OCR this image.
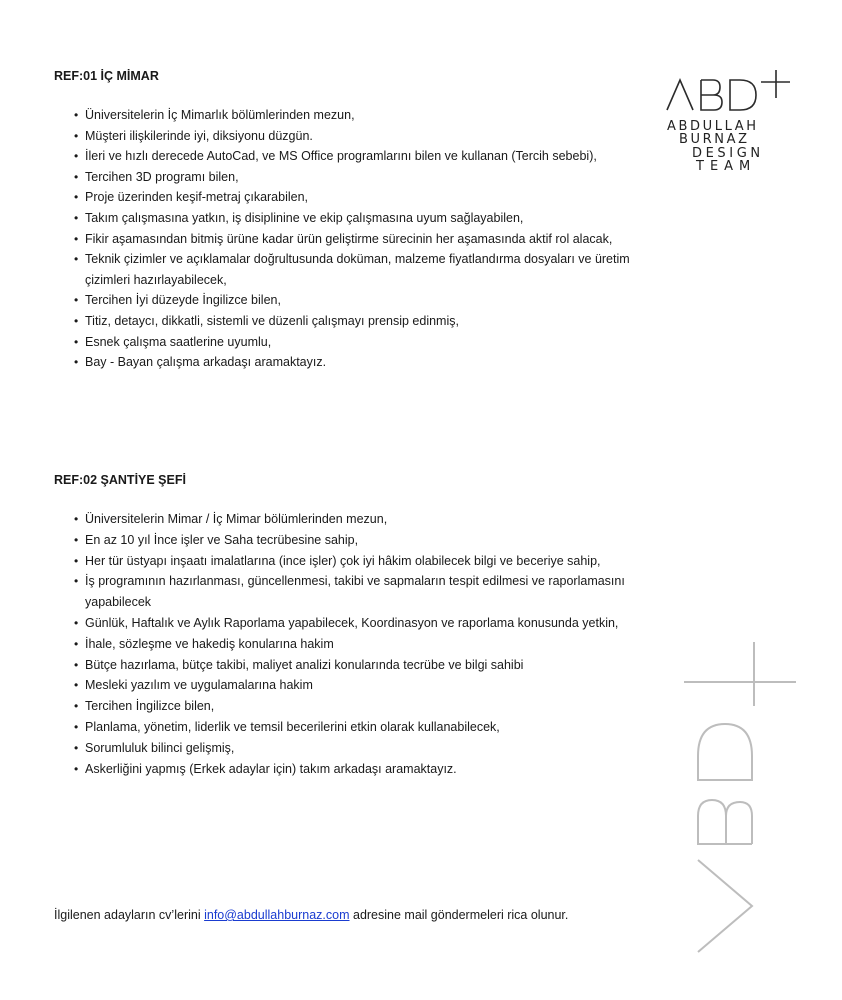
ABDULLAH
BURNAZ
DESIGN
TEAM
REF:01 İÇ MİMAR
• Üniversitelerin İç Mimarlık bölümlerinden mezun,
• Müşteri ilişkilerinde iyi, diksiyonu düzgün.
• İleri ve hızlı derecede AutoCad, ve MS Office programlarını bilen ve kullanan (Tercih sebebi),
• Tercihen 3D programı bilen,
• Proje üzerinden keşif-metraj çıkarabilen,
• Takım çalışmasına yatkın, iş disiplinine ve ekip çalışmasına uyum sağlayabilen,
• Fikir aşamasından bitmiş ürüne kadar ürün geliştirme sürecinin her aşamasında aktif rol alacak,
• Teknik çizimler ve açıklamalar doğrultusunda doküman, malzeme fiyatlandırma dosyaları ve üretim çizimleri hazırlayabilecek,
• Tercihen İyi düzeyde İngilizce bilen,
• Titiz, detaycı, dikkatli, sistemli ve düzenli çalışmayı prensip edinmiş,
• Esnek çalışma saatlerine uyumlu,
• Bay - Bayan çalışma arkadaşı aramaktayız.
REF:02 ŞANTİYE ŞEFİ
• Üniversitelerin Mimar / İç Mimar bölümlerinden mezun,
• En az 10 yıl İnce işler ve Saha tecrübesine sahip,
• Her tür üstyapı inşaatı imalatlarına (ince işler) çok iyi hâkim olabilecek bilgi ve beceriye sahip,
• İş programının hazırlanması, güncellenmesi, takibi ve sapmaların tespit edilmesi ve raporlamasını yapabilecek
• Günlük, Haftalık ve Aylık Raporlama yapabilecek, Koordinasyon ve raporlama konusunda yetkin,
• İhale, sözleşme ve hakediş konularına hakim
• Bütçe hazırlama, bütçe takibi, maliyet analizi konularında tecrübe ve bilgi sahibi
• Mesleki yazılım ve uygulamalarına hakim
• Tercihen İngilizce bilen,
• Planlama, yönetim, liderlik ve temsil becerilerini etkin olarak kullanabilecek,
• Sorumluluk bilinci gelişmiş,
• Askerliğini yapmış (Erkek adaylar için) takım arkadaşı aramaktayız.
İlgilenen adayların cv’lerini info@abdullahburnaz.com adresine mail göndermeleri rica olunur.
